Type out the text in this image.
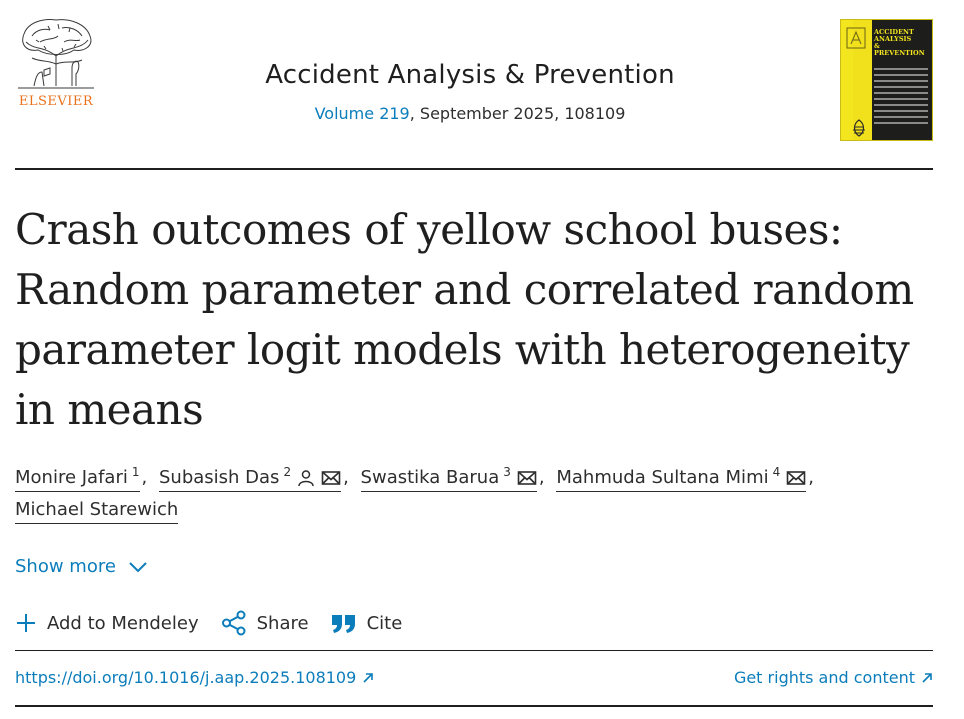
ELSEVIER
Accident Analysis & Prevention
Volume 219, September 2025, 108109
ACCIDENT
ANALYSIS
&
PREVENTION
Crash outcomes of yellow school buses:
Random parameter and correlated random
parameter logit models with heterogeneity
in means
Monire Jafari $^1$ , Subasish Das $^2$	, Swastika Barua $^3$ , Mahmuda Sultana Mimi $^4$ ,

Michael Starewich
Show more
Add to Mendeley	Share	Cite
https://doi.org/10.1016/j.aap.2025.108109	Get rights and content
